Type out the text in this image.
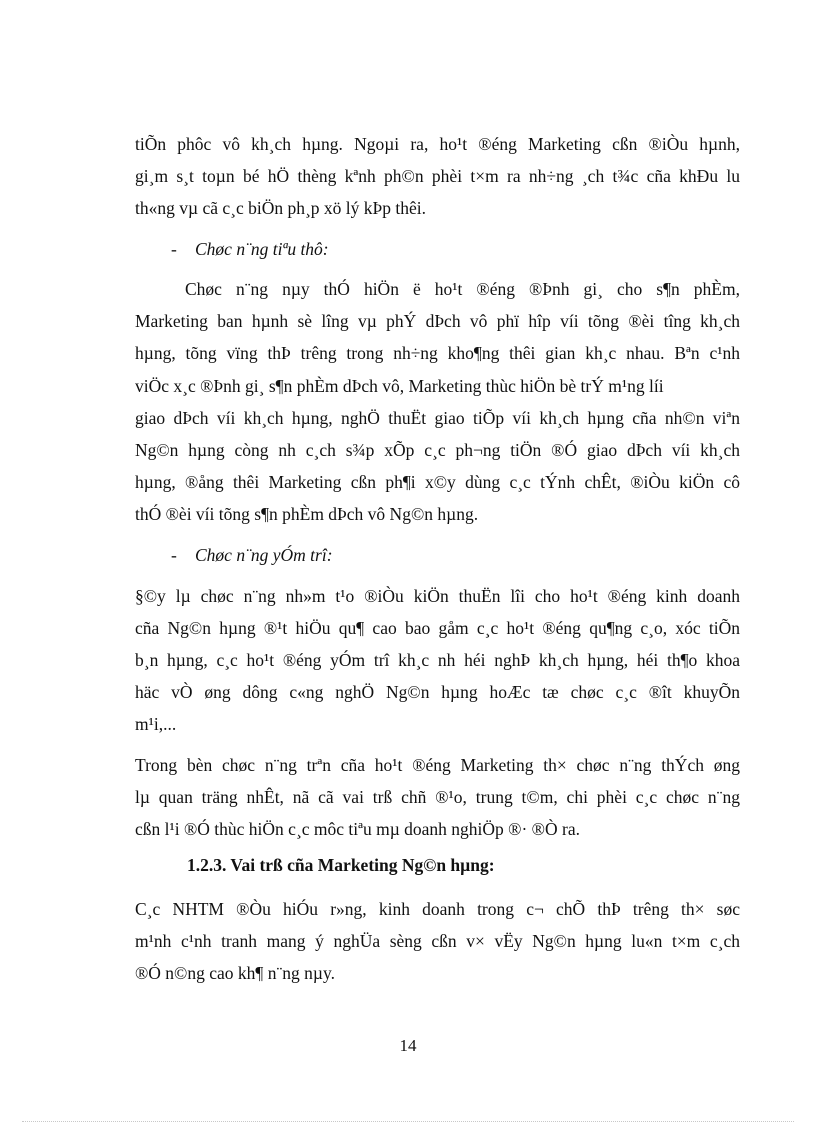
tiÕn phôc vô kh¸ch hµng. Ngoµi ra, ho¹t ®éng Marketing cßn ®iÒu hµnh,
gi¸m s¸t toµn bé hÖ thèng kªnh ph©n phèi t×m ra nh÷ng ¸ch t¾c cña khÐu lu
th«ng vµ cã c¸c biÖn ph¸p xö lý kÞp thêi.
- Chøc n¨ng tiªu thô:
Chøc n¨ng nµy thÓ hiÖn ë ho¹t ®éng ®Þnh gi¸ cho s¶n phÈm,
Marketing ban hµnh sè lîng vµ phÝ dÞch vô phï hîp víi tõng ®èi tîng kh¸ch
hµng, tõng vïng thÞ trêng trong nh÷ng kho¶ng thêi gian kh¸c nhau. Bªn c¹nh
viÖc x¸c ®Þnh gi¸ s¶n phÈm dÞch vô, Marketing thùc hiÖn bè trÝ m¹ng líi
giao dÞch víi kh¸ch hµng, nghÖ thuËt giao tiÕp víi kh¸ch hµng cña nh©n viªn
Ng©n hµng còng nh c¸ch s¾p xÕp c¸c ph¬ng tiÖn ®Ó giao dÞch víi kh¸ch
hµng, ®ång thêi Marketing cßn ph¶i x©y dùng c¸c tÝnh chÊt, ®iÒu kiÖn cô
thÓ ®èi víi tõng s¶n phÈm dÞch vô Ng©n hµng.
- Chøc n¨ng yÓm trî:
§©y lµ chøc n¨ng nh»m t¹o ®iÒu kiÖn thuËn lîi cho ho¹t ®éng kinh doanh
cña Ng©n hµng ®¹t hiÖu qu¶ cao bao gåm c¸c ho¹t ®éng qu¶ng c¸o, xóc tiÕn
b¸n hµng, c¸c ho¹t ®éng yÓm trî kh¸c nh héi nghÞ kh¸ch hµng, héi th¶o khoa
häc vÒ øng dông c«ng nghÖ Ng©n hµng hoÆc tæ chøc c¸c ®ît khuyÕn
m¹i,...
Trong bèn chøc n¨ng trªn cña ho¹t ®éng Marketing th× chøc n¨ng thÝch øng
lµ quan träng nhÊt, nã cã vai trß chñ ®¹o, trung t©m, chi phèi c¸c chøc n¨ng
cßn l¹i ®Ó thùc hiÖn c¸c môc tiªu mµ doanh nghiÖp ®· ®Ò ra.
1.2.3. Vai trß cña Marketing Ng©n hµng:
C¸c NHTM ®Òu hiÓu r»ng, kinh doanh trong c¬ chÕ thÞ trêng th× søc
m¹nh c¹nh tranh mang ý nghÜa sèng cßn v× vËy Ng©n hµng lu«n t×m c¸ch
®Ó n©ng cao kh¶ n¨ng nµy.
14
